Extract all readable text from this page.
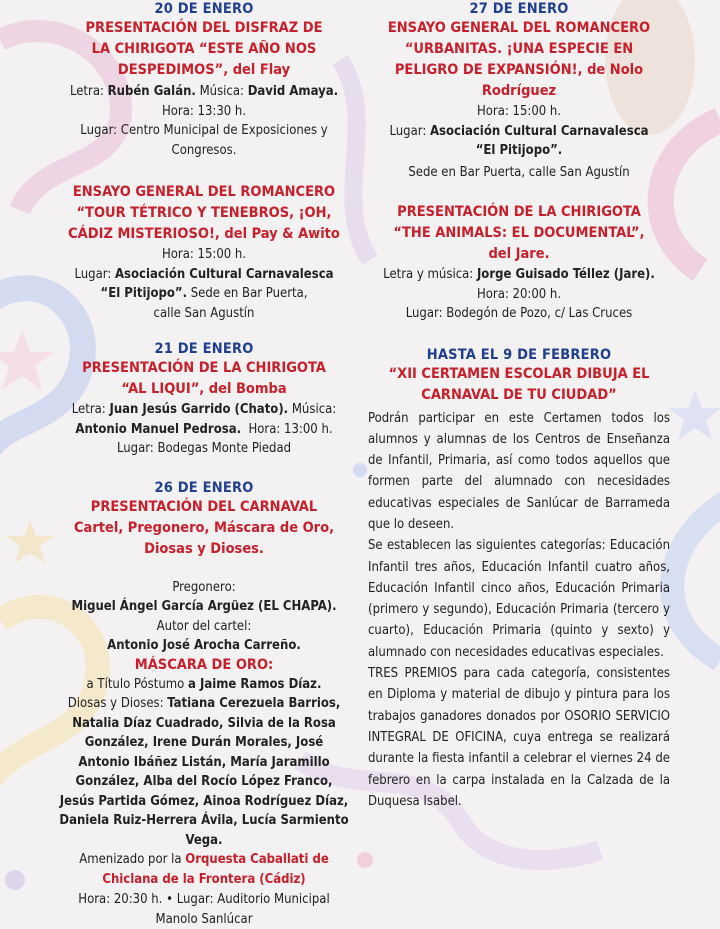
20 DE ENERO
PRESENTACIÓN DEL DISFRAZ DE
LA CHIRIGOTA “ESTE AÑO NOS
DESPEDIMOS”, del Flay
Letra: Rubén Galán. Música: David Amaya.
Hora: 13:30 h.
Lugar: Centro Municipal de Exposiciones y
Congresos.
ENSAYO GENERAL DEL ROMANCERO
“TOUR TÉTRICO Y TENEBROS, ¡OH,
CÁDIZ MISTERIOSO!, del Pay & Awito
Hora: 15:00 h.
Lugar: Asociación Cultural Carnavalesca
“El Pitijopo”. Sede en Bar Puerta,
calle San Agustín
21 DE ENERO
PRESENTACIÓN DE LA CHIRIGOTA
“AL LIQUI”, del Bomba
Letra: Juan Jesús Garrido (Chato). Música:
Antonio Manuel Pedrosa.  Hora: 13:00 h.
Lugar: Bodegas Monte Piedad
26 DE ENERO
PRESENTACIÓN DEL CARNAVAL
Cartel, Pregonero, Máscara de Oro,
Diosas y Dioses.
Pregonero:
Miguel Ángel García Argüez (EL CHAPA).
Autor del cartel:
Antonio José Arocha Carreño.
MÁSCARA DE ORO:
a Título Póstumo a Jaime Ramos Díaz.
Diosas y Dioses: Tatiana Cerezuela Barrios,
Natalia Díaz Cuadrado, Silvia de la Rosa
González, Irene Durán Morales, José
Antonio Ibáñez Listán, María Jaramillo
González, Alba del Rocío López Franco,
Jesús Partida Gómez, Ainoa Rodríguez Díaz,
Daniela Ruiz-Herrera Ávila, Lucía Sarmiento
Vega.
Amenizado por la Orquesta Caballati de
Chiclana de la Frontera (Cádiz)
Hora: 20:30 h. • Lugar: Auditorio Municipal
Manolo Sanlúcar
27 DE ENERO
ENSAYO GENERAL DEL ROMANCERO
“URBANITAS. ¡UNA ESPECIE EN
PELIGRO DE EXPANSIÓN!, de Nolo
Rodríguez
Hora: 15:00 h.
Lugar: Asociación Cultural Carnavalesca
“El Pitijopo”.
Sede en Bar Puerta, calle San Agustín
PRESENTACIÓN DE LA CHIRIGOTA
“THE ANIMALS: EL DOCUMENTAL”,
del Jare.
Letra y música: Jorge Guisado Téllez (Jare).
Hora: 20:00 h.
Lugar: Bodegón de Pozo, c/ Las Cruces
HASTA EL 9 DE FEBRERO
“XII CERTAMEN ESCOLAR DIBUJA EL
CARNAVAL DE TU CIUDAD”

Podrán participar en este Certamen todos los alumnos y alumnas de los Centros de Enseñanza de Infantil, Primaria, así como todos aquellos que formen parte del alumnado con necesidades educativas especiales de Sanlúcar de Barrameda que lo deseen.

Se establecen las siguientes categorías: Educación Infantil tres años, Educación Infantil cuatro años, Educación Infantil cinco años, Educación Primaria (primero y segundo), Educación Primaria (tercero y cuarto), Educación Primaria (quinto y sexto) y alumnado con necesidades educativas especiales.

TRES PREMIOS para cada categoría, consistentes en Diploma y material de dibujo y pintura para los trabajos ganadores donados por OSORIO SERVICIO INTEGRAL DE OFICINA, cuya entrega se realizará durante la fiesta infantil a celebrar el viernes 24 de febrero en la carpa instalada en la Calzada de la Duquesa Isabel.
